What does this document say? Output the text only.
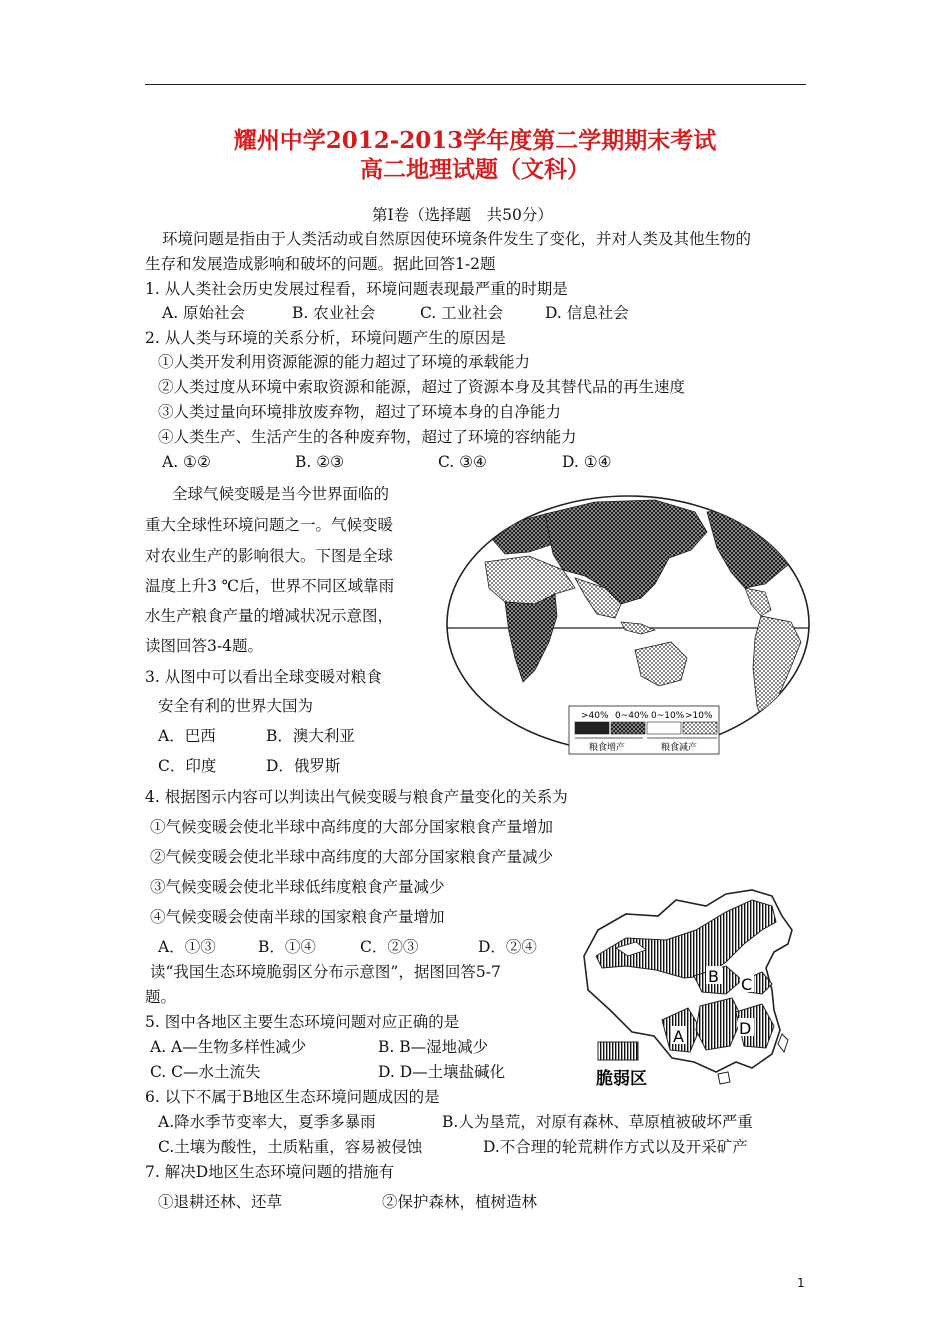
耀州中学2012-2013学年度第二学期期末考试
高二地理试题（文科）
第Ⅰ卷（选择题　共50分）
环境问题是指由于人类活动或自然原因使环境条件发生了变化，并对人类及其他生物的
生存和发展造成影响和破坏的问题。据此回答1-2题
1. 从人类社会历史发展过程看，环境问题表现最严重的时期是
A. 原始社会	B. 农业社会	C. 工业社会	D. 信息社会
2. 从人类与环境的关系分析，环境问题产生的原因是
①人类开发利用资源能源的能力超过了环境的承载能力
②人类过度从环境中索取资源和能源，超过了资源本身及其替代品的再生速度
③人类过量向环境排放废弃物，超过了环境本身的自净能力
④人类生产、生活产生的各种废弃物，超过了环境的容纳能力
A. ①②	B. ②③	C. ③④	D. ①④
全球气候变暖是当今世界面临的
重大全球性环境问题之一。气候变暖
对农业生产的影响很大。下图是全球
温度上升3 ℃后，世界不同区域靠雨
水生产粮食产量的增减状况示意图，
读图回答3-4题。
>40% 0~40% 0~10% >10%
粮食增产	粮食减产
3. 从图中可以看出全球变暖对粮食
安全有利的世界大国为
A．巴西	B．澳大利亚
C．印度	D．俄罗斯
4. 根据图示内容可以判读出气候变暖与粮食产量变化的关系为
①气候变暖会使北半球中高纬度的大部分国家粮食产量增加
②气候变暖会使北半球中高纬度的大部分国家粮食产量减少
③气候变暖会使北半球低纬度粮食产量减少
④气候变暖会使南半球的国家粮食产量增加
A．①③	B．①④	C．②③	D．②④
读“我国生态环境脆弱区分布示意图”，据图回答5-7
题。
B C
A	D
脆弱区
5. 图中各地区主要生态环境问题对应正确的是
A. A—生物多样性减少	B. B—湿地减少
C. C—水土流失	D. D—土壤盐碱化
6. 以下不属于B地区生态环境问题成因的是
A.降水季节变率大，夏季多暴雨	B.人为垦荒，对原有森林、草原植被破坏严重
C.土壤为酸性，土质粘重，容易被侵蚀	D.不合理的轮荒耕作方式以及开采矿产
7. 解决D地区生态环境问题的措施有
①退耕还林、还草	②保护森林，植树造林
1
